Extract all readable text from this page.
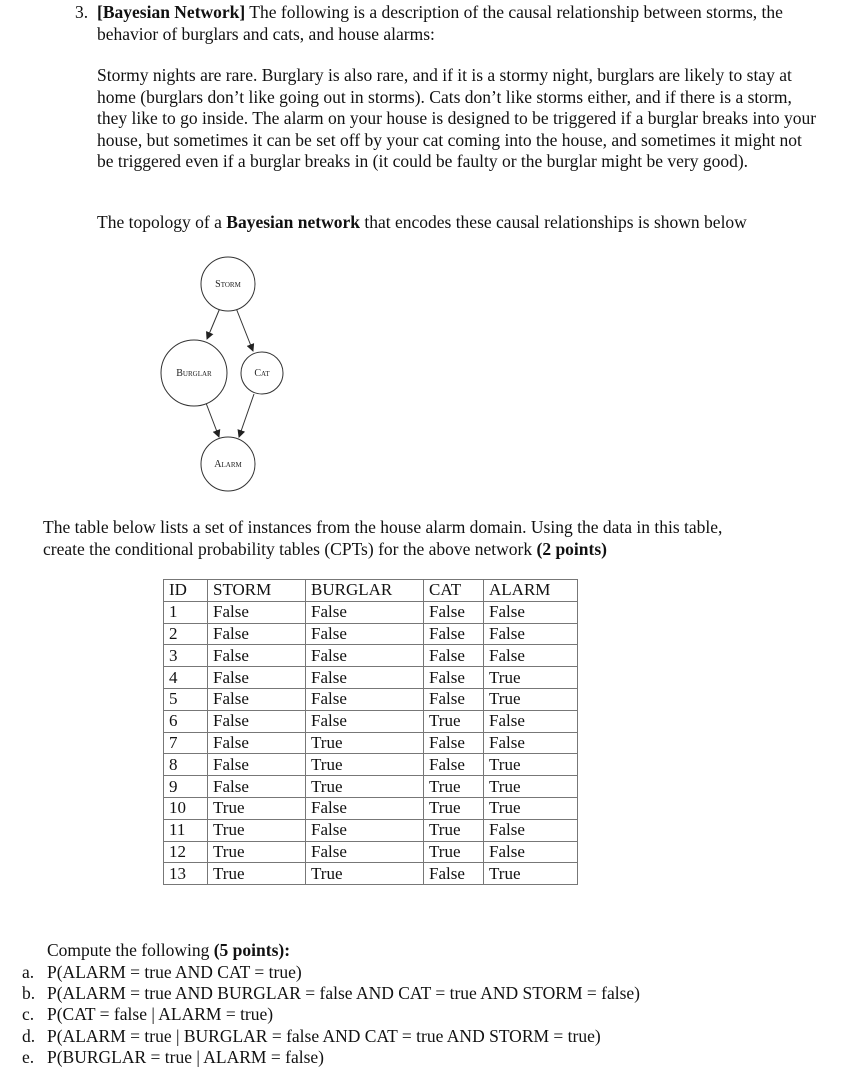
3. [Bayesian Network] The following is a description of the causal relationship between storms, the behavior of burglars and cats, and house alarms:

Stormy nights are rare. Burglary is also rare, and if it is a stormy night, burglars are likely to stay at home (burglars don’t like going out in storms). Cats don’t like storms either, and if there is a storm, they like to go inside. The alarm on your house is designed to be triggered if a burglar breaks into your house, but sometimes it can be set off by your cat coming into the house, and sometimes it might not be triggered even if a burglar breaks in (it could be faulty or the burglar might be very good).

The topology of a Bayesian network that encodes these causal relationships is shown below

Storm
Burglar	Cat
Alarm

The table below lists a set of instances from the house alarm domain. Using the data in this table, create the conditional probability tables (CPTs) for the above network (2 points)

ID	STORM	BURGLAR	CAT	ALARM
1	False	False	False	False
2	False	False	False	False
3	False	False	False	False
4	False	False	False	True
5	False	False	False	True
6	False	False	True	False
7	False	True	False	False
8	False	True	False	True
9	False	True	True	True
10	True	False	True	True
11	True	False	True	False
12	True	False	True	False
13	True	True	False	True

Compute the following (5 points):

a. P(ALARM = true AND CAT = true)
b. P(ALARM = true AND BURGLAR = false AND CAT = true AND STORM = false)
c. P(CAT = false | ALARM = true)
d. P(ALARM = true | BURGLAR = false AND CAT = true AND STORM = true)
e. P(BURGLAR = true | ALARM = false)
